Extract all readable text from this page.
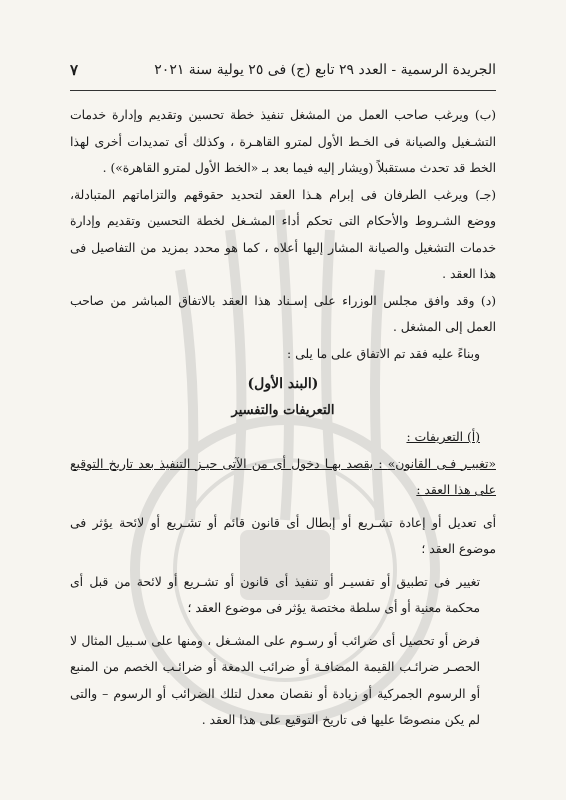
الجريدة الرسمية - العدد ٢٩ تابع (ج) فى ٢٥ يولية سنة ٢٠٢١
٧

(ب) ويرغب صاحب العمل من المشغل تنفيذ خطة تحسين وتقديم وإدارة خدمات التشـغيل والصيانة فى الخـط الأول لمترو القاهـرة ، وكذلك أى تمديدات أخرى لهذا الخط قد تحدث مستقبلاً (ويشار إليه فيما بعد بـ «الخط الأول لمترو القاهرة») .

(جـ) ويرغب الطرفان فى إبرام هـذا العقد لتحديد حقوقهم والتزاماتهم المتبادلة، ووضع الشـروط والأحكام التى تحكم أداء المشـغل لخطة التحسين وتقديم وإدارة خدمات التشغيل والصيانة المشار إليها أعلاه ، كما هو محدد بمزيد من التفاصيل فى هذا العقد .

(د) وقد وافق مجلس الوزراء على إسـناد هذا العقد بالاتفاق المباشر من صاحب العمل إلى المشغل .

وبناءً عليه فقد تم الاتفاق على ما يلى :

(البند الأول)
التعريفات والتفسير

(أ) التعريفات :

«تغييـر فـى القانون» : يقصد بهـا دخول أى من الآتى حيـز التنفيذ بعد تاريخ التوقيع على هذا العقد :

أى تعديل أو إعادة تشـريع أو إبطال أى قانون قائم أو تشـريع أو لائحة يؤثر فى موضوع العقد ؛

تغيير فى تطبيق أو تفسيـر أو تنفيذ أى قانون أو تشـريع أو لائحة من قبل أى محكمة معنية أو أى سلطة مختصة يؤثر فى موضوع العقد ؛

فرض أو تحصيل أى ضرائب أو رسـوم على المشـغل ، ومنها على سـبيل المثال لا الحصـر ضرائـب القيمة المضافـة أو ضرائب الدمغة أو ضرائـب الخصم من المنبع أو الرسوم الجمركية أو زيادة أو نقصان معدل لتلك الضرائب أو الرسوم – والتى لم يكن منصوصًا عليها فى تاريخ التوقيع على هذا العقد .
